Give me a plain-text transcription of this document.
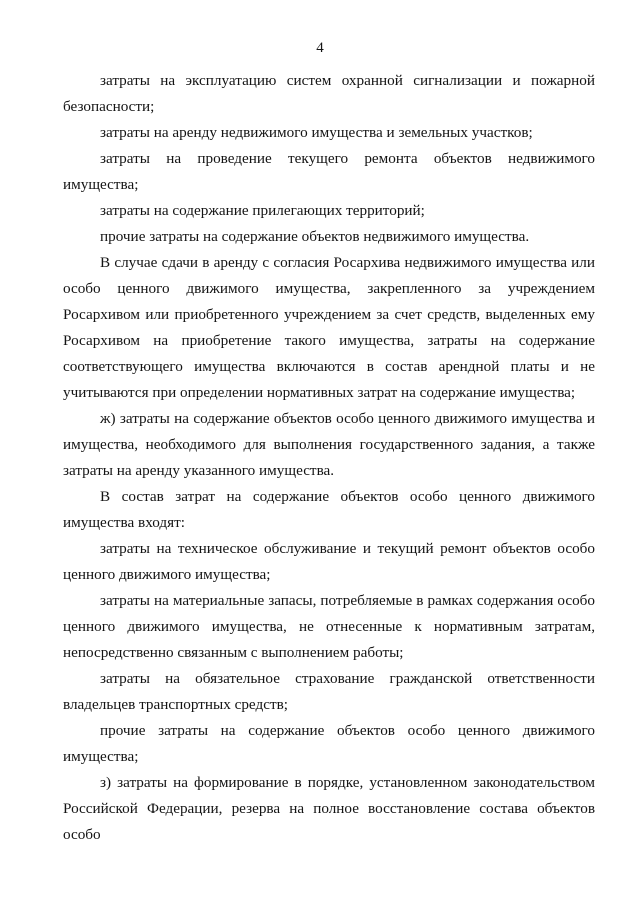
4

затраты на эксплуатацию систем охранной сигнализации и пожарной безопасности;

затраты на аренду недвижимого имущества и земельных участков;

затраты на проведение текущего ремонта объектов недвижимого имущества;

затраты на содержание прилегающих территорий;

прочие затраты на содержание объектов недвижимого имущества.

В случае сдачи в аренду с согласия Росархива недвижимого имущества или особо ценного движимого имущества, закрепленного за учреждением Росархивом или приобретенного учреждением за счет средств, выделенных ему Росархивом на приобретение такого имущества, затраты на содержание соответствующего имущества включаются в состав арендной платы и не учитываются при определении нормативных затрат на содержание имущества;

ж) затраты на содержание объектов особо ценного движимого имущества и имущества, необходимого для выполнения государственного задания, а также затраты на аренду указанного имущества.

В состав затрат на содержание объектов особо ценного движимого имущества входят:

затраты на техническое обслуживание и текущий ремонт объектов особо ценного движимого имущества;

затраты на материальные запасы, потребляемые в рамках содержания особо ценного движимого имущества, не отнесенные к нормативным затратам, непосредственно связанным с выполнением работы;

затраты на обязательное страхование гражданской ответственности владельцев транспортных средств;

прочие затраты на содержание объектов особо ценного движимого имущества;

з) затраты на формирование в порядке, установленном законодательством Российской Федерации, резерва на полное восстановление состава объектов особо
